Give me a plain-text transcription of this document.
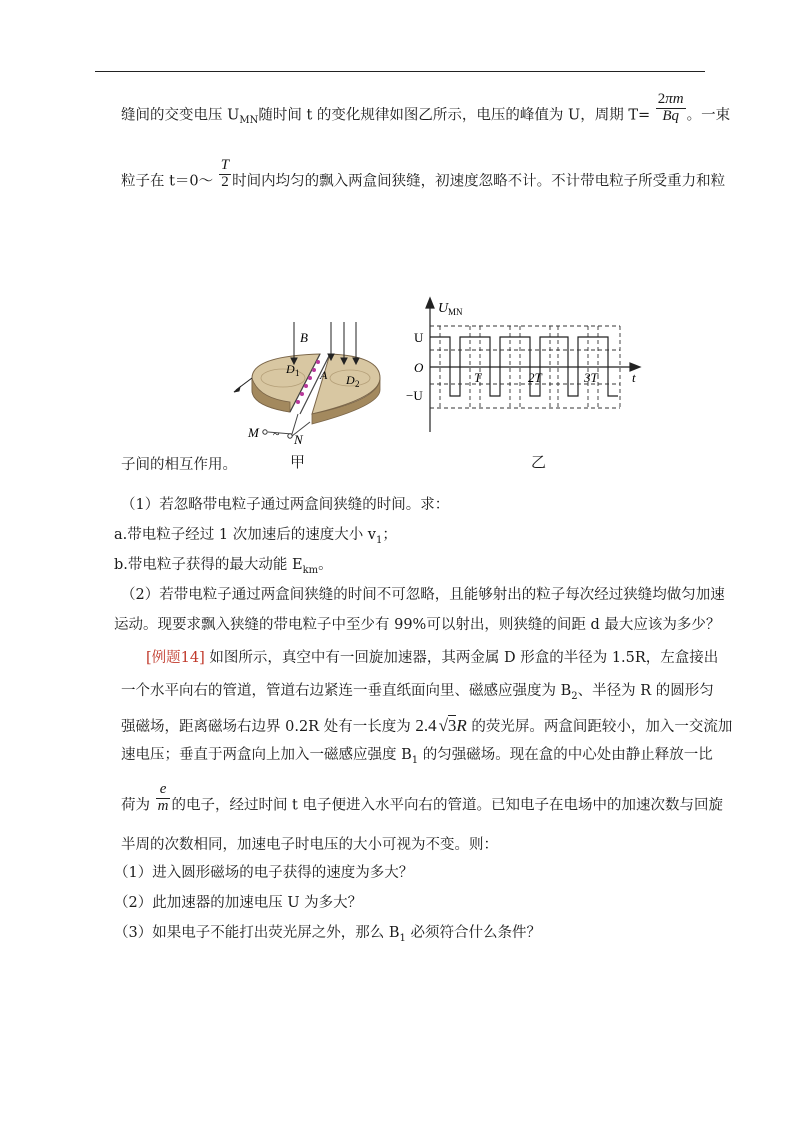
缝间的交变电压 $U_{MN}$随时间 t 的变化规律如图乙所示，电压的峰值为 U，周期 $T= \frac{2\pi m}{Bq}$ 。一束
粒子在 t＝0～ $\frac{T}{2}$ 时间内均匀的飘入两盒间狭缝，初速度忽略不计。不计带电粒子所受重力和粒
B
D 1 A D 2
M ~ N
甲
U MN
U
O
−U
T	2T	3T	t
乙
子间的相互作用。
（1）若忽略带电粒子通过两盒间狭缝的时间。求：
a.带电粒子经过 1 次加速后的速度大小 $v_1$；
b.带电粒子获得的最大动能 $E_{km}$。
（2）若带电粒子通过两盒间狭缝的时间不可忽略，且能够射出的粒子每次经过狭缝均做匀加速
运动。现要求飘入狭缝的带电粒子中至少有 99%可以射出，则狭缝的间距 d 最大应该为多少？
[例题14] 如图所示，真空中有一回旋加速器，其两金属 D 形盒的半径为 1.5R，左盒接出
一个水平向右的管道，管道右边紧连一垂直纸面向里、磁感应强度为 $B_2$、半径为 R 的圆形匀
强磁场，距离磁场右边界 0.2R 处有一长度为 2.4 √3R 的荧光屏。两盒间距较小，加入一交流加
速电压；垂直于两盒向上加入一磁感应强度 $B_1$ 的匀强磁场。现在盒的中心处由静止释放一比
荷为 $\frac{e}{m}$ 的电子，经过时间 t 电子便进入水平向右的管道。已知电子在电场中的加速次数与回旋
半周的次数相同，加速电子时电压的大小可视为不变。则：
（1）进入圆形磁场的电子获得的速度为多大？
（2）此加速器的加速电压 U 为多大？
（3）如果电子不能打出荧光屏之外，那么 $B_1$ 必须符合什么条件？
